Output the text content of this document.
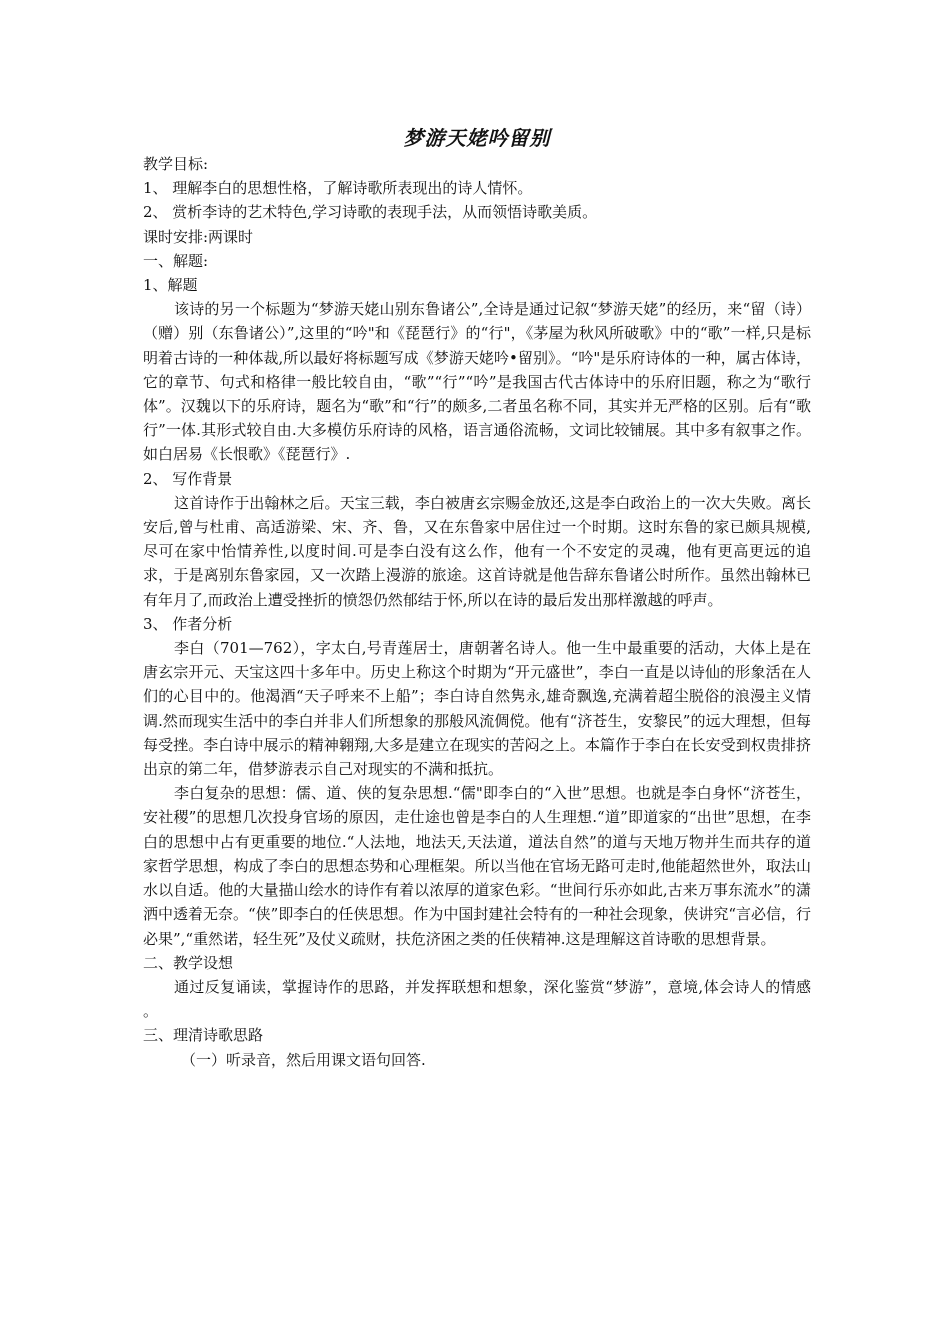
梦游天姥吟留别
教学目标:
1、 理解李白的思想性格，了解诗歌所表现出的诗人情怀。
2、 赏析李诗的艺术特色,学习诗歌的表现手法，从而领悟诗歌美质。
课时安排:两课时
一、解题:
1、解题
该诗的另一个标题为“梦游天姥山别东鲁诸公”,全诗是通过记叙“梦游天姥”的经历，来“留（诗）（赠）别（东鲁诸公）”,这里的“吟"和《琵琶行》的“行"，《茅屋为秋风所破歌》中的“歌”一样,只是标明着古诗的一种体裁,所以最好将标题写成《梦游天姥吟•留别》。“吟"是乐府诗体的一种，属古体诗，它的章节、句式和格律一般比较自由，“歌”“行”“吟”是我国古代古体诗中的乐府旧题，称之为“歌行体”。汉魏以下的乐府诗，题名为“歌”和“行”的颇多,二者虽名称不同，其实并无严格的区别。后有“歌行”一体.其形式较自由.大多模仿乐府诗的风格，语言通俗流畅，文词比较铺展。其中多有叙事之作。如白居易《长恨歌》《琵琶行》.
2、 写作背景
这首诗作于出翰林之后。天宝三载，李白被唐玄宗赐金放还,这是李白政治上的一次大失败。离长安后,曾与杜甫、高适游梁、宋、齐、鲁，又在东鲁家中居住过一个时期。这时东鲁的家已颇具规模,尽可在家中怡情养性,以度时间.可是李白没有这么作，他有一个不安定的灵魂，他有更高更远的追求，于是离别东鲁家园，又一次踏上漫游的旅途。这首诗就是他告辞东鲁诸公时所作。虽然出翰林已有年月了,而政治上遭受挫折的愤怨仍然郁结于怀,所以在诗的最后发出那样激越的呼声。
3、 作者分析
李白（701—762），字太白,号青莲居士，唐朝著名诗人。他一生中最重要的活动，大体上是在唐玄宗开元、天宝这四十多年中。历史上称这个时期为“开元盛世”，李白一直是以诗仙的形象活在人们的心目中的。他渴酒“天子呼来不上船”；李白诗自然隽永,雄奇飘逸,充满着超尘脱俗的浪漫主义情调.然而现实生活中的李白并非人们所想象的那般风流倜傥。他有“济苍生，安黎民”的远大理想，但每每受挫。李白诗中展示的精神翱翔,大多是建立在现实的苦闷之上。本篇作于李白在长安受到权贵排挤出京的第二年，借梦游表示自己对现实的不满和抵抗。
李白复杂的思想：儒、道、侠的复杂思想.“儒"即李白的“入世”思想。也就是李白身怀“济苍生，安社稷”的思想几次投身官场的原因，走仕途也曾是李白的人生理想.“道”即道家的“出世”思想，在李白的思想中占有更重要的地位.“人法地，地法天,天法道，道法自然”的道与天地万物并生而共存的道家哲学思想，构成了李白的思想态势和心理框架。所以当他在官场无路可走时,他能超然世外，取法山水以自适。他的大量描山绘水的诗作有着以浓厚的道家色彩。“世间行乐亦如此,古来万事东流水”的潇洒中透着无奈。“侠”即李白的任侠思想。作为中国封建社会特有的一种社会现象，侠讲究“言必信，行必果”,“重然诺，轻生死”及仗义疏财，扶危济困之类的任侠精神.这是理解这首诗歌的思想背景。
二、教学设想
通过反复诵读，掌握诗作的思路，并发挥联想和想象，深化鉴赏“梦游”，意境,体会诗人的情感 。
三、理清诗歌思路
（一）听录音，然后用课文语句回答.
